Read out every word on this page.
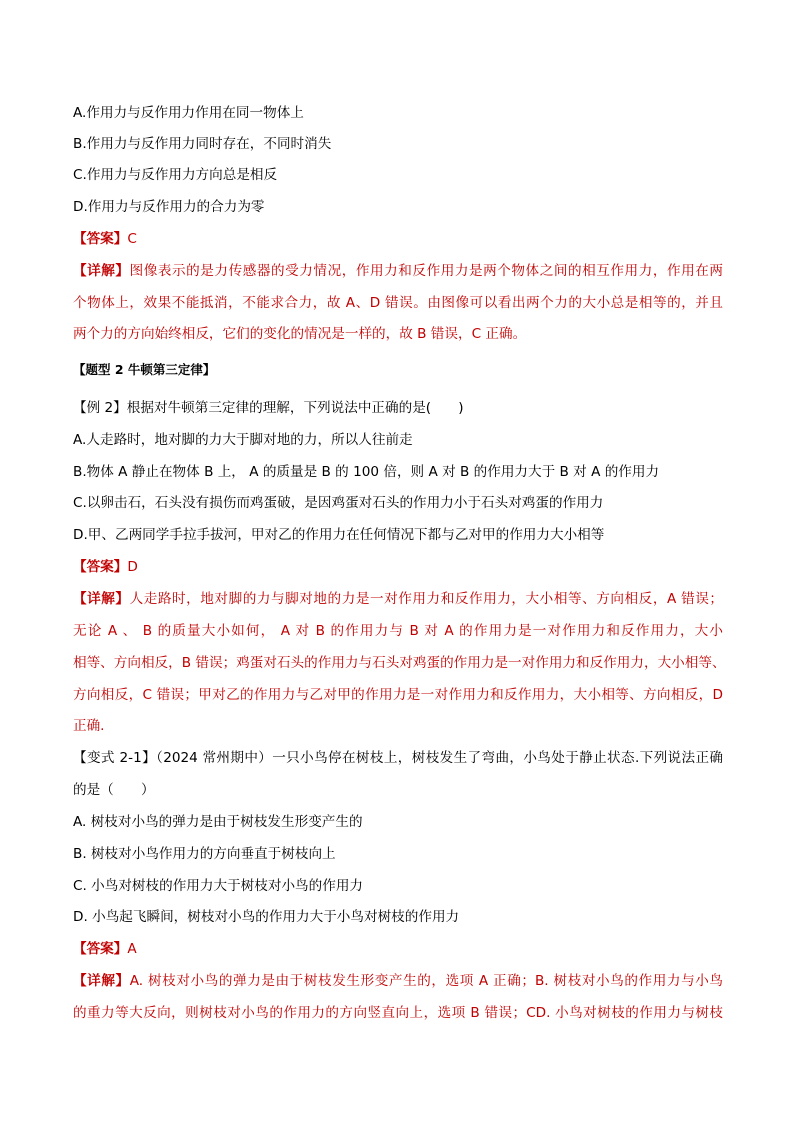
A.作用力与反作用力作用在同一物体上
B.作用力与反作用力同时存在，不同时消失
C.作用力与反作用力方向总是相反
D.作用力与反作用力的合力为零
【答案】C
【详解】图像表示的是力传感器的受力情况，作用力和反作用力是两个物体之间的相互作用力，作用在两
个物体上，效果不能抵消，不能求合力，故 A、D 错误。由图像可以看出两个力的大小总是相等的，并且
两个力的方向始终相反，它们的变化的情况是一样的，故 B 错误，C 正确。
【题型 2 牛顿第三定律】
【例 2】根据对牛顿第三定律的理解，下列说法中正确的是(　　)
A.人走路时，地对脚的力大于脚对地的力，所以人往前走
B.物体 A 静止在物体 B 上， A 的质量是 B 的 100 倍，则 A 对 B 的作用力大于 B 对 A 的作用力
C.以卵击石，石头没有损伤而鸡蛋破，是因鸡蛋对石头的作用力小于石头对鸡蛋的作用力
D.甲、乙两同学手拉手拔河，甲对乙的作用力在任何情况下都与乙对甲的作用力大小相等
【答案】D
【详解】人走路时，地对脚的力与脚对地的力是一对作用力和反作用力，大小相等、方向相反，A 错误；
无论 A 、 B 的质量大小如何， A 对 B 的作用力与 B 对 A 的作用力是一对作用力和反作用力，大小
相等、方向相反，B 错误；鸡蛋对石头的作用力与石头对鸡蛋的作用力是一对作用力和反作用力，大小相等、
方向相反，C 错误；甲对乙的作用力与乙对甲的作用力是一对作用力和反作用力，大小相等、方向相反，D
正确.
【变式 2-1】（2024 常州期中）一只小鸟停在树枝上，树枝发生了弯曲，小鸟处于静止状态.下列说法正确
的是（　　）
A. 树枝对小鸟的弹力是由于树枝发生形变产生的
B. 树枝对小鸟作用力的方向垂直于树枝向上
C. 小鸟对树枝的作用力大于树枝对小鸟的作用力
D. 小鸟起飞瞬间，树枝对小鸟的作用力大于小鸟对树枝的作用力
【答案】A
【详解】A. 树枝对小鸟的弹力是由于树枝发生形变产生的，选项 A 正确；B. 树枝对小鸟的作用力与小鸟
的重力等大反向，则树枝对小鸟的作用力的方向竖直向上，选项 B 错误；CD. 小鸟对树枝的作用力与树枝
